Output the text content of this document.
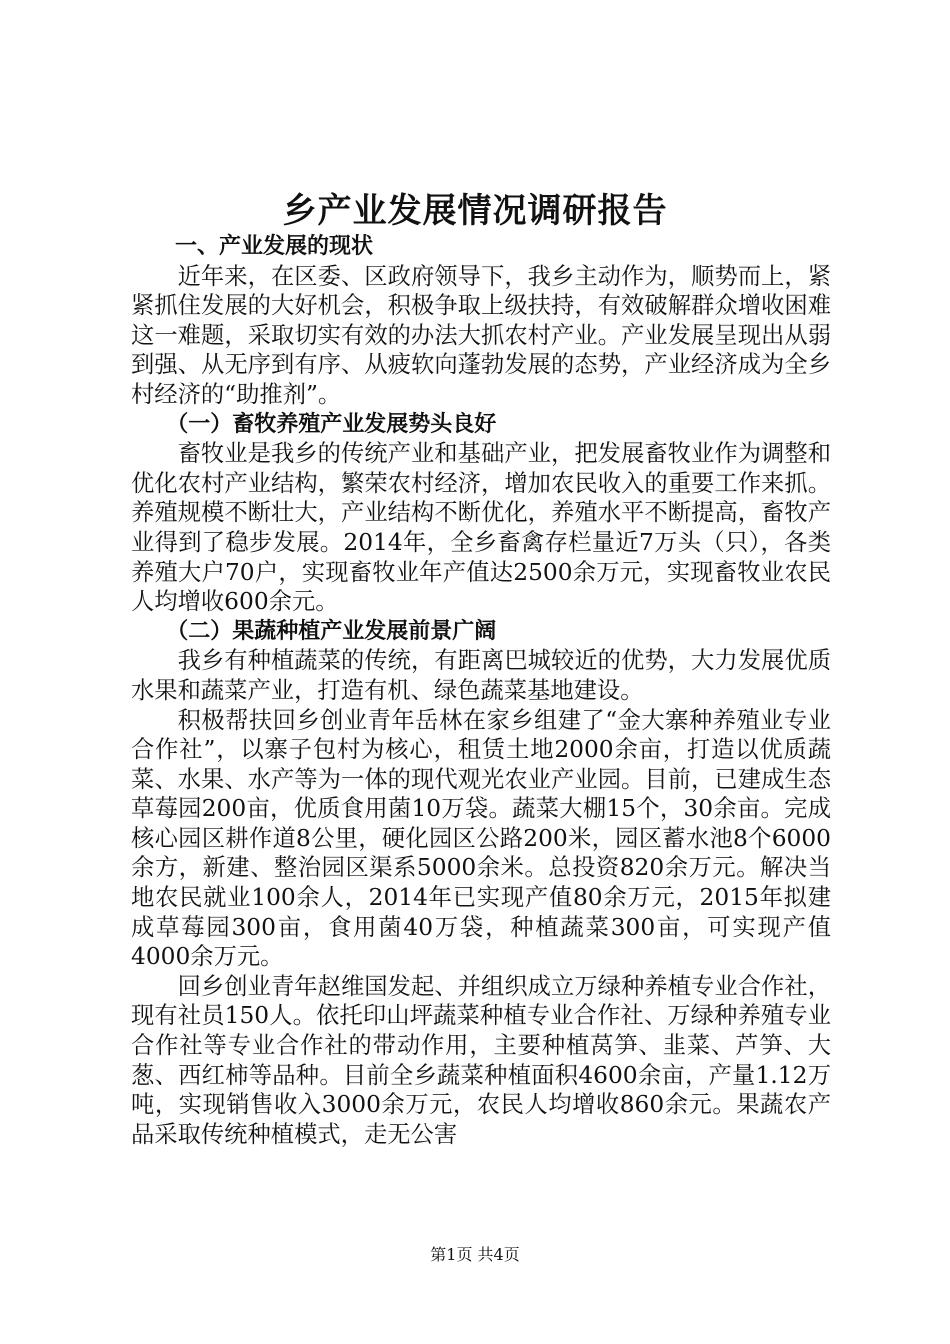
乡产业发展情况调研报告
一、产业发展的现状

近年来，在区委、区政府领导下，我乡主动作为，顺势而上，紧紧抓住发展的大好机会，积极争取上级扶持，有效破解群众增收困难这一难题，采取切实有效的办法大抓农村产业。产业发展呈现出从弱到强、从无序到有序、从疲软向蓬勃发展的态势，产业经济成为全乡村经济的“助推剂”。

（一）畜牧养殖产业发展势头良好

畜牧业是我乡的传统产业和基础产业，把发展畜牧业作为调整和优化农村产业结构，繁荣农村经济，增加农民收入的重要工作来抓。养殖规模不断壮大，产业结构不断优化，养殖水平不断提高，畜牧产业得到了稳步发展。2014年，全乡畜禽存栏量近7万头（只），各类养殖大户70户，实现畜牧业年产值达2500余万元，实现畜牧业农民人均增收600余元。

（二）果蔬种植产业发展前景广阔

我乡有种植蔬菜的传统，有距离巴城较近的优势，大力发展优质水果和蔬菜产业，打造有机、绿色蔬菜基地建设。

积极帮扶回乡创业青年岳林在家乡组建了“金大寨种养殖业专业合作社”，以寨子包村为核心，租赁土地2000余亩，打造以优质蔬菜、水果、水产等为一体的现代观光农业产业园。目前，已建成生态草莓园200亩，优质食用菌10万袋。蔬菜大棚15个，30余亩。完成核心园区耕作道8公里，硬化园区公路200米，园区蓄水池8个6000余方，新建、整治园区渠系5000余米。总投资820余万元。解决当地农民就业100余人，2014年已实现产值80余万元，2015年拟建成草莓园300亩，食用菌40万袋，种植蔬菜300亩，可实现产值4000余万元。

回乡创业青年赵维国发起、并组织成立万绿种养植专业合作社，现有社员150人。依托印山坪蔬菜种植专业合作社、万绿种养殖专业合作社等专业合作社的带动作用，主要种植莴笋、韭菜、芦笋、大葱、西红柿等品种。目前全乡蔬菜种植面积4600余亩，产量1.12万吨，实现销售收入3000余万元，农民人均增收860余元。果蔬农产品采取传统种植模式，走无公害

第1页 共4页
